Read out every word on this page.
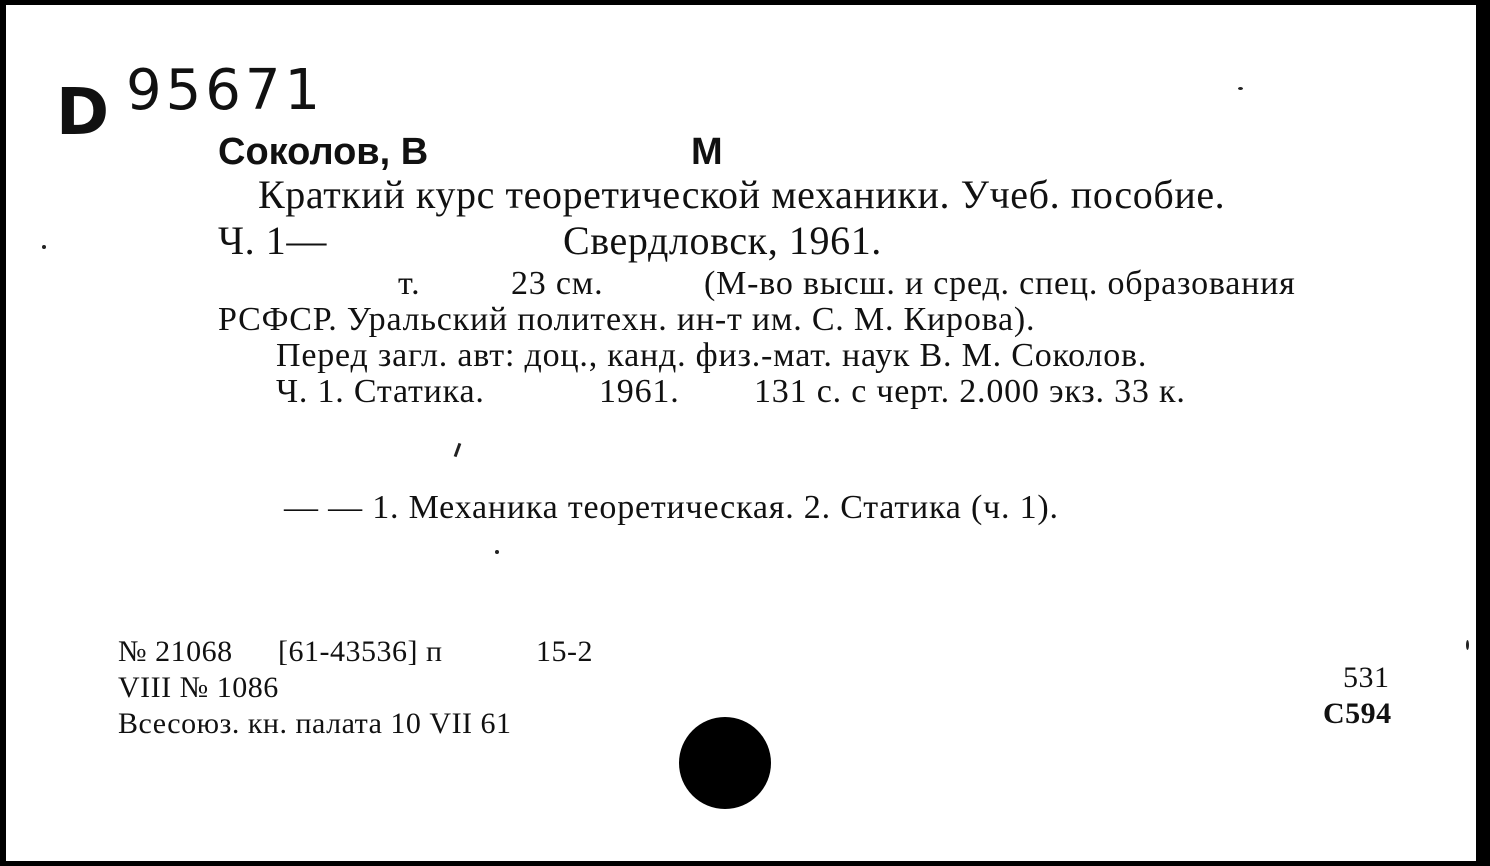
D 95671
Соколов, В	М
Краткий курс теоретической механики. Учеб. пособие.
Ч. 1—	Свердловск, 1961.
т.	23 см.	(М-во высш. и сред. спец. образования
РСФСР. Уральский политехн. ин-т им. С. М. Кирова).
Перед загл. авт: доц., канд. физ.-мат. наук В. М. Соколов.
Ч. 1. Статика.	1961. 131 с. с черт. 2.000 экз. 33 к.
— — 1. Механика теоретическая. 2. Статика (ч. 1).
№ 21068 [61-43536] п	15-2
VIII № 1086
Всесоюз. кн. палата 10 VII 61
531
С594
